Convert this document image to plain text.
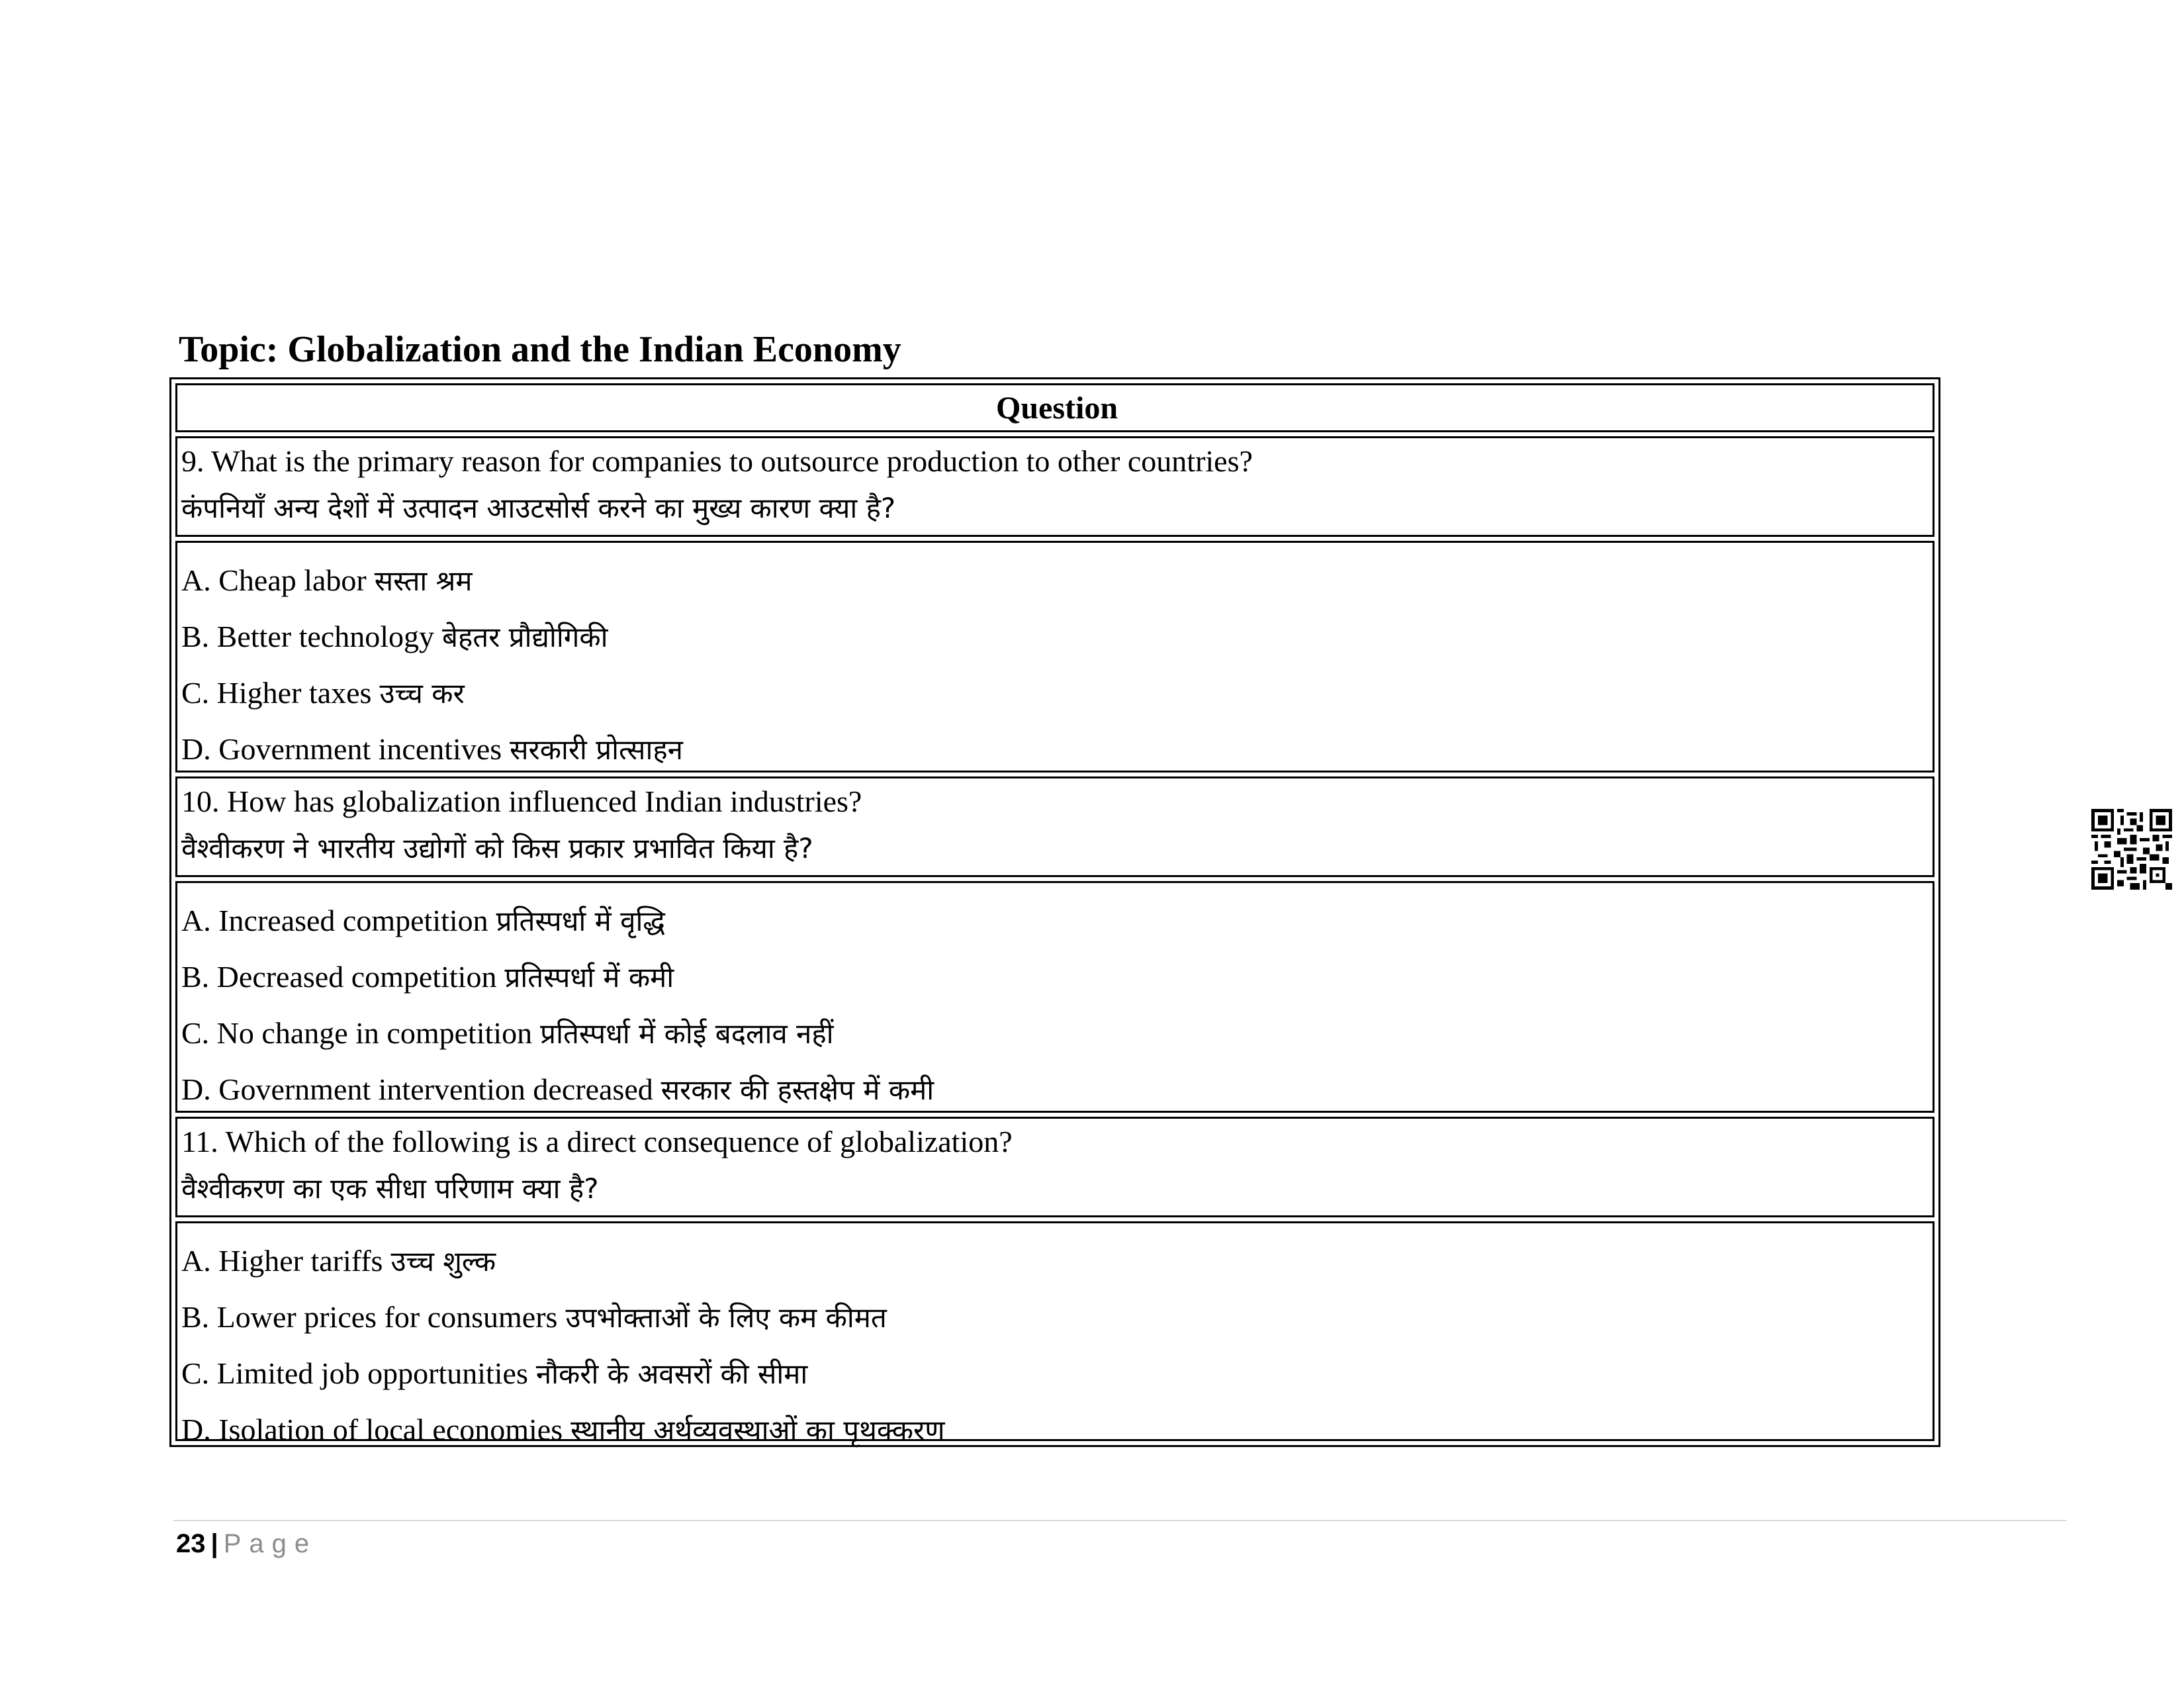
Topic: Globalization and the Indian Economy
Question
9. What is the primary reason for companies to outsource production to other countries?
कंपनियाँ अन्य देशों में उत्पादन आउटसोर्स करने का मुख्य कारण क्या है?
A. Cheap labor सस्ता श्रम
B. Better technology बेहतर प्रौद्योगिकी
C. Higher taxes उच्च कर
D. Government incentives सरकारी प्रोत्साहन
10. How has globalization influenced Indian industries?
वैश्वीकरण ने भारतीय उद्योगों को किस प्रकार प्रभावित किया है?
A. Increased competition प्रतिस्पर्धा में वृद्धि
B. Decreased competition प्रतिस्पर्धा में कमी
C. No change in competition प्रतिस्पर्धा में कोई बदलाव नहीं
D. Government intervention decreased सरकार की हस्तक्षेप में कमी
11. Which of the following is a direct consequence of globalization?
वैश्वीकरण का एक सीधा परिणाम क्या है?
A. Higher tariffs उच्च शुल्क
B. Lower prices for consumers उपभोक्ताओं के लिए कम कीमत
C. Limited job opportunities नौकरी के अवसरों की सीमा
D. Isolation of local economies स्थानीय अर्थव्यवस्थाओं का पृथक्करण
23 | Page
